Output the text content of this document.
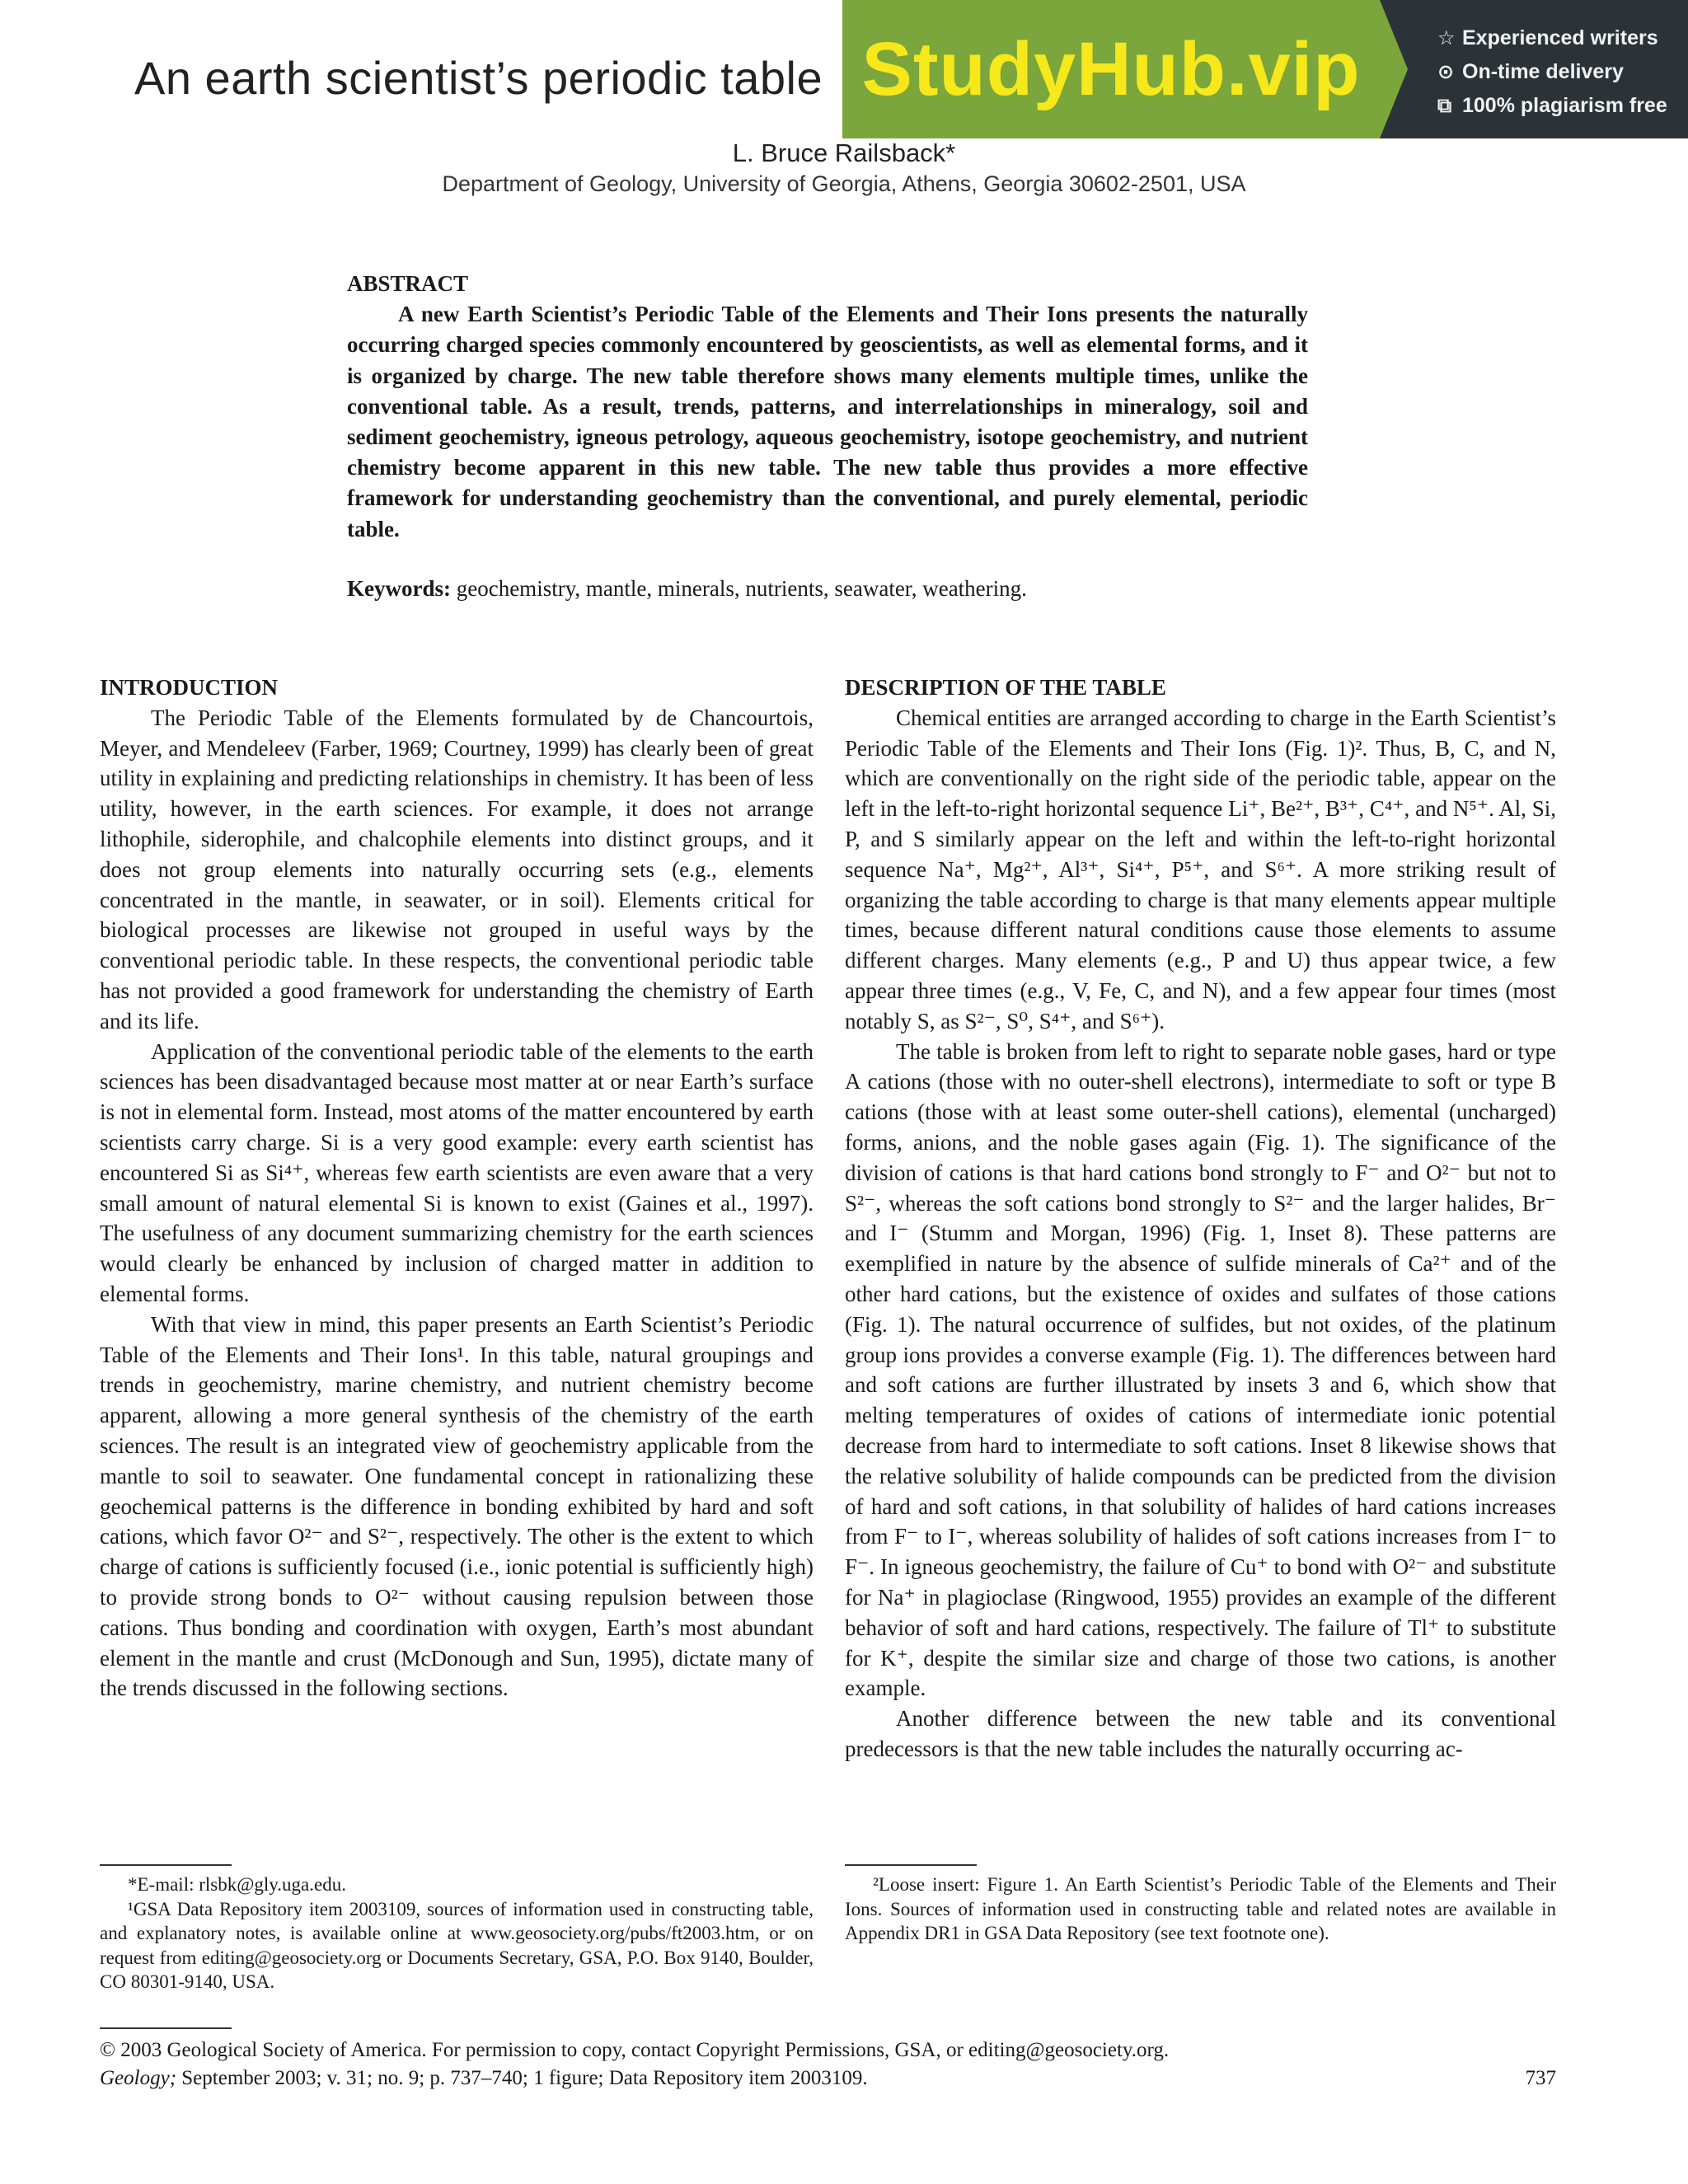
An earth scientist’s periodic table
L. Bruce Railsback*
Department of Geology, University of Georgia, Athens, Georgia 30602-2501, USA
StudyHub.vip	☆ Experienced writers
⊙ On-time delivery
⧉ 100% plagiarism free

ABSTRACT

A new Earth Scientist’s Periodic Table of the Elements and Their Ions presents the naturally occurring charged species commonly encountered by geoscientists, as well as elemental forms, and it is organized by charge. The new table therefore shows many elements multiple times, unlike the conventional table. As a result, trends, patterns, and interrelationships in mineralogy, soil and sediment geochemistry, igneous petrology, aqueous geochemistry, isotope geochemistry, and nutrient chemistry become apparent in this new table. The new table thus provides a more effective framework for understanding geochemistry than the conventional, and purely elemental, periodic table.

Keywords: geochemistry, mantle, minerals, nutrients, seawater, weathering.
INTRODUCTION

The Periodic Table of the Elements formulated by de Chancourtois, Meyer, and Mendeleev (Farber, 1969; Courtney, 1999) has clearly been of great utility in explaining and predicting relationships in chemistry. It has been of less utility, however, in the earth sciences. For example, it does not arrange lithophile, siderophile, and chalcophile elements into distinct groups, and it does not group elements into naturally occurring sets (e.g., elements concentrated in the mantle, in seawater, or in soil). Elements critical for biological processes are likewise not grouped in useful ways by the conventional periodic table. In these respects, the conventional periodic table has not provided a good framework for understanding the chemistry of Earth and its life.

Application of the conventional periodic table of the elements to the earth sciences has been disadvantaged because most matter at or near Earth’s surface is not in elemental form. Instead, most atoms of the matter encountered by earth scientists carry charge. Si is a very good example: every earth scientist has encountered Si as Si⁴⁺, whereas few earth scientists are even aware that a very small amount of natural elemental Si is known to exist (Gaines et al., 1997). The usefulness of any document summarizing chemistry for the earth sciences would clearly be enhanced by inclusion of charged matter in addition to elemental forms.

With that view in mind, this paper presents an Earth Scientist’s Periodic Table of the Elements and Their Ions¹. In this table, natural groupings and trends in geochemistry, marine chemistry, and nutrient chemistry become apparent, allowing a more general synthesis of the chemistry of the earth sciences. The result is an integrated view of geochemistry applicable from the mantle to soil to seawater. One fundamental concept in rationalizing these geochemical patterns is the difference in bonding exhibited by hard and soft cations, which favor O²⁻ and S²⁻, respectively. The other is the extent to which charge of cations is sufficiently focused (i.e., ionic potential is sufficiently high) to provide strong bonds to O²⁻ without causing repulsion between those cations. Thus bonding and coordination with oxygen, Earth’s most abundant element in the mantle and crust (McDonough and Sun, 1995), dictate many of the trends discussed in the following sections.

DESCRIPTION OF THE TABLE

Chemical entities are arranged according to charge in the Earth Scientist’s Periodic Table of the Elements and Their Ions (Fig. 1)². Thus, B, C, and N, which are conventionally on the right side of the periodic table, appear on the left in the left-to-right horizontal sequence Li⁺, Be²⁺, B³⁺, C⁴⁺, and N⁵⁺. Al, Si, P, and S similarly appear on the left and within the left-to-right horizontal sequence Na⁺, Mg²⁺, Al³⁺, Si⁴⁺, P⁵⁺, and S⁶⁺. A more striking result of organizing the table according to charge is that many elements appear multiple times, because different natural conditions cause those elements to assume different charges. Many elements (e.g., P and U) thus appear twice, a few appear three times (e.g., V, Fe, C, and N), and a few appear four times (most notably S, as S²⁻, S⁰, S⁴⁺, and S⁶⁺).

The table is broken from left to right to separate noble gases, hard or type A cations (those with no outer-shell electrons), intermediate to soft or type B cations (those with at least some outer-shell cations), elemental (uncharged) forms, anions, and the noble gases again (Fig. 1). The significance of the division of cations is that hard cations bond strongly to F⁻ and O²⁻ but not to S²⁻, whereas the soft cations bond strongly to S²⁻ and the larger halides, Br⁻ and I⁻ (Stumm and Morgan, 1996) (Fig. 1, Inset 8). These patterns are exemplified in nature by the absence of sulfide minerals of Ca²⁺ and of the other hard cations, but the existence of oxides and sulfates of those cations (Fig. 1). The natural occurrence of sulfides, but not oxides, of the platinum group ions provides a converse example (Fig. 1). The differences between hard and soft cations are further illustrated by insets 3 and 6, which show that melting temperatures of oxides of cations of intermediate ionic potential decrease from hard to intermediate to soft cations. Inset 8 likewise shows that the relative solubility of halide compounds can be predicted from the division of hard and soft cations, in that solubility of halides of hard cations increases from F⁻ to I⁻, whereas solubility of halides of soft cations increases from I⁻ to F⁻. In igneous geochemistry, the failure of Cu⁺ to bond with O²⁻ and substitute for Na⁺ in plagioclase (Ringwood, 1955) provides an example of the different behavior of soft and hard cations, respectively. The failure of Tl⁺ to substitute for K⁺, despite the similar size and charge of those two cations, is another example.

Another difference between the new table and its conventional predecessors is that the new table includes the naturally occurring ac-

*E-mail: rlsbk@gly.uga.edu.

¹GSA Data Repository item 2003109, sources of information used in constructing table, and explanatory notes, is available online at www.geosociety.org/pubs/ft2003.htm, or on request from editing@geosociety.org or Documents Secretary, GSA, P.O. Box 9140, Boulder, CO 80301-9140, USA.

²Loose insert: Figure 1. An Earth Scientist’s Periodic Table of the Elements and Their Ions. Sources of information used in constructing table and related notes are available in Appendix DR1 in GSA Data Repository (see text footnote one).

© 2003 Geological Society of America. For permission to copy, contact Copyright Permissions, GSA, or editing@geosociety.org.
Geology; September 2003; v. 31; no. 9; p. 737–740; 1 figure; Data Repository item 2003109.	737
